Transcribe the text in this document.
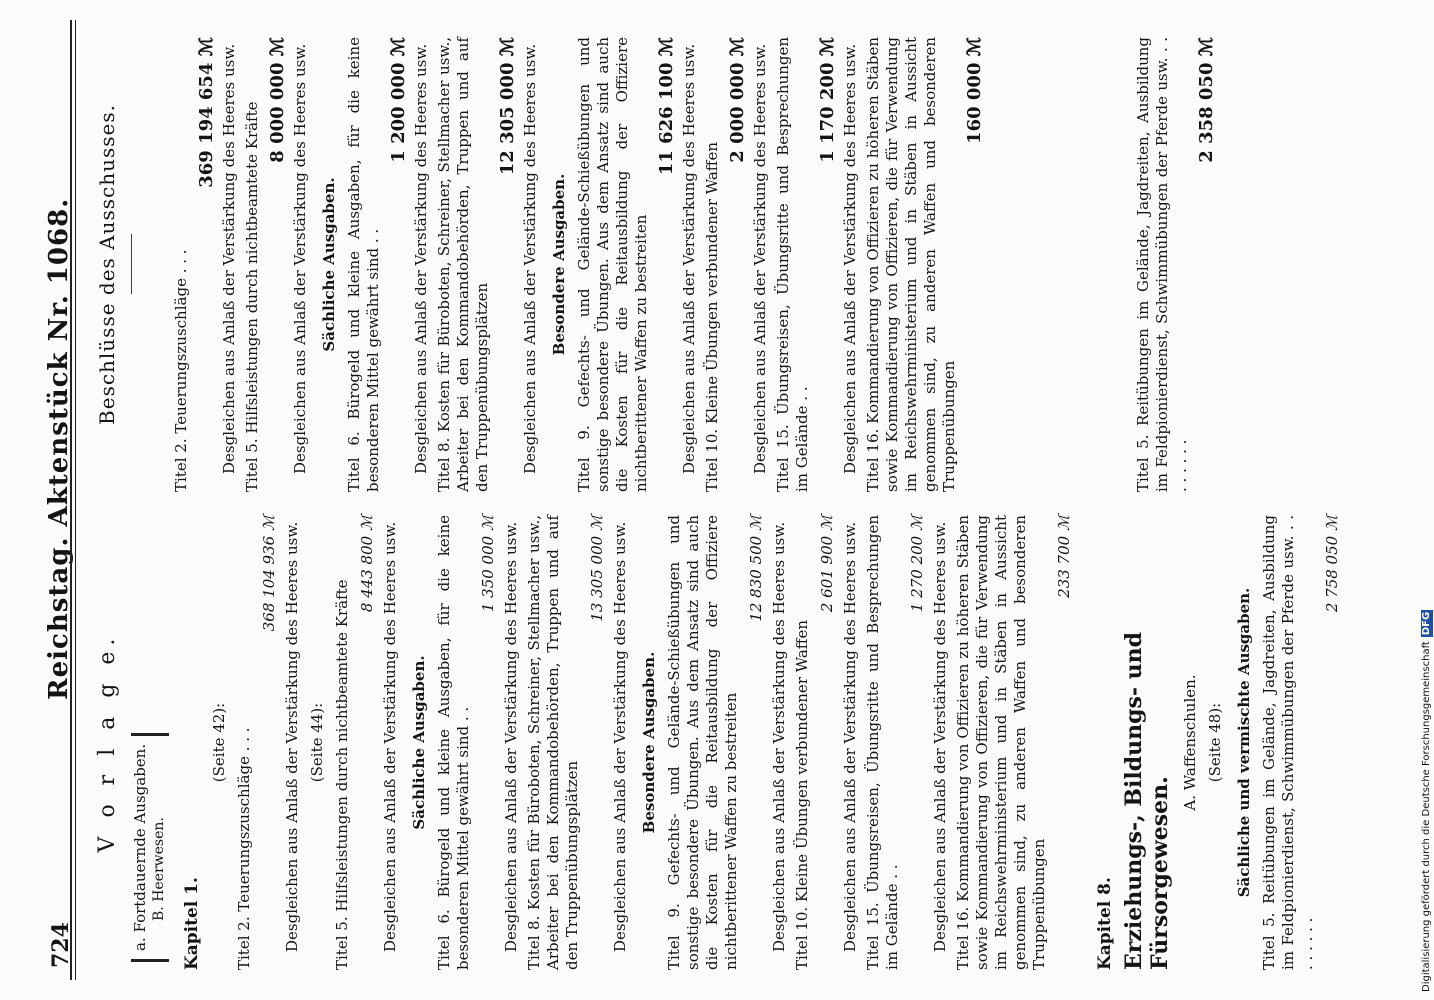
724
Reichstag. Aktenstück Nr. 1068.
V o r l a g e. a. Fortdauernde Ausgaben. B. Heerwesen.
Kapitel 1.
(Seite 42): Titel 2. Teuerungszuschläge . . .
368 104 936 ℳ Desgleichen aus Anlaß der Verstärkung des Heeres usw. (Seite 44): Titel 5. Hilfsleistungen durch nichtbeamtete Kräfte
8 443 800 ℳ Desgleichen aus Anlaß der Verstärkung des Heeres usw. Sächliche Ausgaben. Titel 6. Bürogeld und kleine Ausgaben, für die keine besonderen Mittel gewährt sind . .
1 350 000 ℳ Desgleichen aus Anlaß der Verstärkung des Heeres usw. Titel 8. Kosten für Büroboten, Schreiner, Stellmacher usw., Arbeiter bei den Kommandobehörden, Truppen und auf den Truppenübungsplätzen
13 305 000 ℳ Desgleichen aus Anlaß der Verstärkung des Heeres usw. Besondere Ausgaben. Titel 9. Gefechts- und Gelände-Schießübungen und sonstige besondere Übungen. Aus dem Ansatz sind auch die Kosten für die Reitausbildung der Offiziere nichtberittener Waffen zu bestreiten
12 830 500 ℳ Desgleichen aus Anlaß der Verstärkung des Heeres usw. Titel 10. Kleine Übungen verbundener Waffen
2 601 900 ℳ Desgleichen aus Anlaß der Verstärkung des Heeres usw. Titel 15. Übungsreisen, Übungsritte und Besprechungen im Gelände . .
1 270 200 ℳ Desgleichen aus Anlaß der Verstärkung des Heeres usw. Titel 16. Kommandierung von Offizieren zu höheren Stäben sowie Kommandierung von Offizieren, die für Verwendung im Reichswehrministerium und in Stäben in Aussicht genommen sind, zu anderen Waffen und besonderen Truppenübungen
233 700 ℳ
Kapitel 8. Erziehungs-, Bildungs- und Fürsorgewesen.
A. Waffenschulen. (Seite 48): Sächliche und vermischte Ausgaben. Titel 5. Reitübungen im Gelände, Jagdreiten, Ausbildung im Feldpionierdienst, Schwimmübungen der Pferde usw. . . . . . . . .
2 758 050 ℳ
Beschlüsse des Ausschusses.	Titel 2. Teuerungszuschläge . . .
369 194 654 ℳ Desgleichen aus Anlaß der Verstärkung des Heeres usw. Titel 5. Hilfsleistungen durch nichtbeamtete Kräfte
8 000 000 ℳ Desgleichen aus Anlaß der Verstärkung des Heeres usw. Sächliche Ausgaben. Titel 6. Bürogeld und kleine Ausgaben, für die keine besonderen Mittel gewährt sind . .
1 200 000 ℳ Desgleichen aus Anlaß der Verstärkung des Heeres usw. Titel 8. Kosten für Büroboten, Schreiner, Stellmacher usw., Arbeiter bei den Kommandobehörden, Truppen und auf den Truppenübungsplätzen
12 305 000 ℳ Desgleichen aus Anlaß der Verstärkung des Heeres usw. Besondere Ausgaben. Titel 9. Gefechts- und Gelände-Schießübungen und sonstige besondere Übungen. Aus dem Ansatz sind auch die Kosten für die Reitausbildung der Offiziere nichtberittener Waffen zu bestreiten
11 626 100 ℳ Desgleichen aus Anlaß der Verstärkung des Heeres usw. Titel 10. Kleine Übungen verbundener Waffen
2 000 000 ℳ Desgleichen aus Anlaß der Verstärkung des Heeres usw. Titel 15. Übungsreisen, Übungsritte und Besprechungen im Gelände . .
1 170 200 ℳ Desgleichen aus Anlaß der Verstärkung des Heeres usw. Titel 16. Kommandierung von Offizieren zu höheren Stäben sowie Kommandierung von Offizieren, die für Verwendung im Reichswehrministerium und in Stäben in Aussicht genommen sind, zu anderen Waffen und besonderen Truppenübungen
160 000 ℳ	Titel 5. Reitübungen im Gelände, Jagdreiten, Ausbildung im Feldpionierdienst, Schwimmübungen der Pferde usw. . . . . . . . .
2 358 050 ℳ
Digitalisierung gefördert durch die Deutsche ForschungsgemeinschaftDFG
